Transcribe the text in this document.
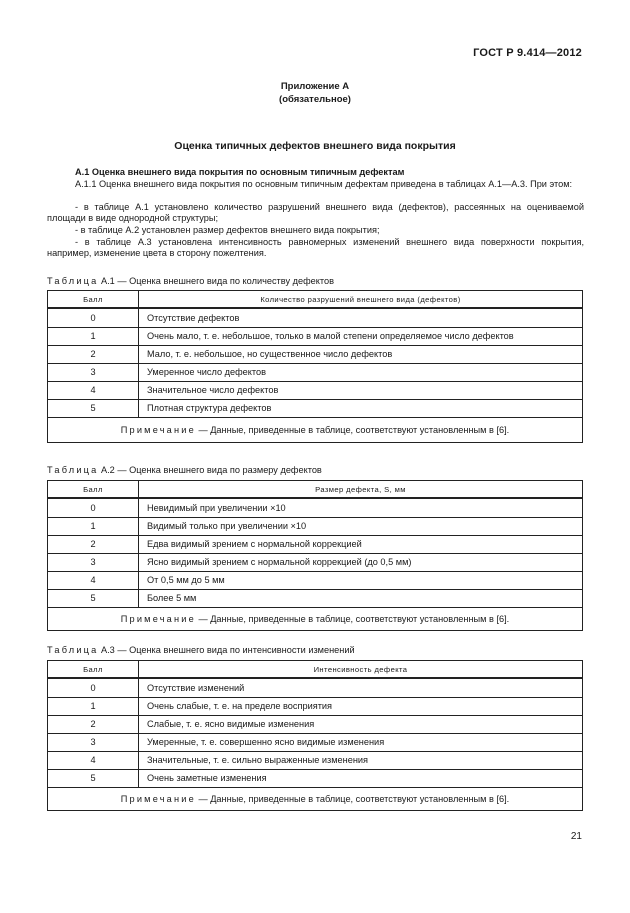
ГОСТ Р 9.414—2012
Приложение А
(обязательное)
Оценка типичных дефектов внешнего вида покрытия
А.1 Оценка внешнего вида покрытия по основным типичным дефектам
А.1.1 Оценка внешнего вида покрытия по основным типичным дефектам приведена в таблицах А.1—А.3. При этом:
- в таблице А.1 установлено количество разрушений внешнего вида (дефектов), рассеянных на оцениваемой площади в виде однородной структуры;
- в таблице А.2 установлен размер дефектов внешнего вида покрытия;
- в таблице А.3 установлена интенсивность равномерных изменений внешнего вида поверхности покрытия, например, изменение цвета в сторону пожелтения.
Таблица А.1 — Оценка внешнего вида по количеству дефектов
Балл	Количество разрушений внешнего вида (дефектов)
0	Отсутствие дефектов
1	Очень мало, т. е. небольшое, только в малой степени определяемое число дефектов
2	Мало, т. е. небольшое, но существенное число дефектов
3	Умеренное число дефектов
4	Значительное число дефектов
5	Плотная структура дефектов
Примечание — Данные, приведенные в таблице, соответствуют установленным в [6].	
Таблица А.2 — Оценка внешнего вида по размеру дефектов
Балл	Размер дефекта, S, мм
0	Невидимый при увеличении ×10
1	Видимый только при увеличении ×10
2	Едва видимый зрением с нормальной коррекцией
3	Ясно видимый зрением с нормальной коррекцией (до 0,5 мм)
4	От 0,5 мм до 5 мм
5	Более 5 мм
Примечание — Данные, приведенные в таблице, соответствуют установленным в [6].	
Таблица А.3 — Оценка внешнего вида по интенсивности изменений
Балл	Интенсивность дефекта
0	Отсутствие изменений
1	Очень слабые, т. е. на пределе восприятия
2	Слабые, т. е. ясно видимые изменения
3	Умеренные, т. е. совершенно ясно видимые изменения
4	Значительные, т. е. сильно выраженные изменения
5	Очень заметные изменения
Примечание — Данные, приведенные в таблице, соответствуют установленным в [6].	
21
